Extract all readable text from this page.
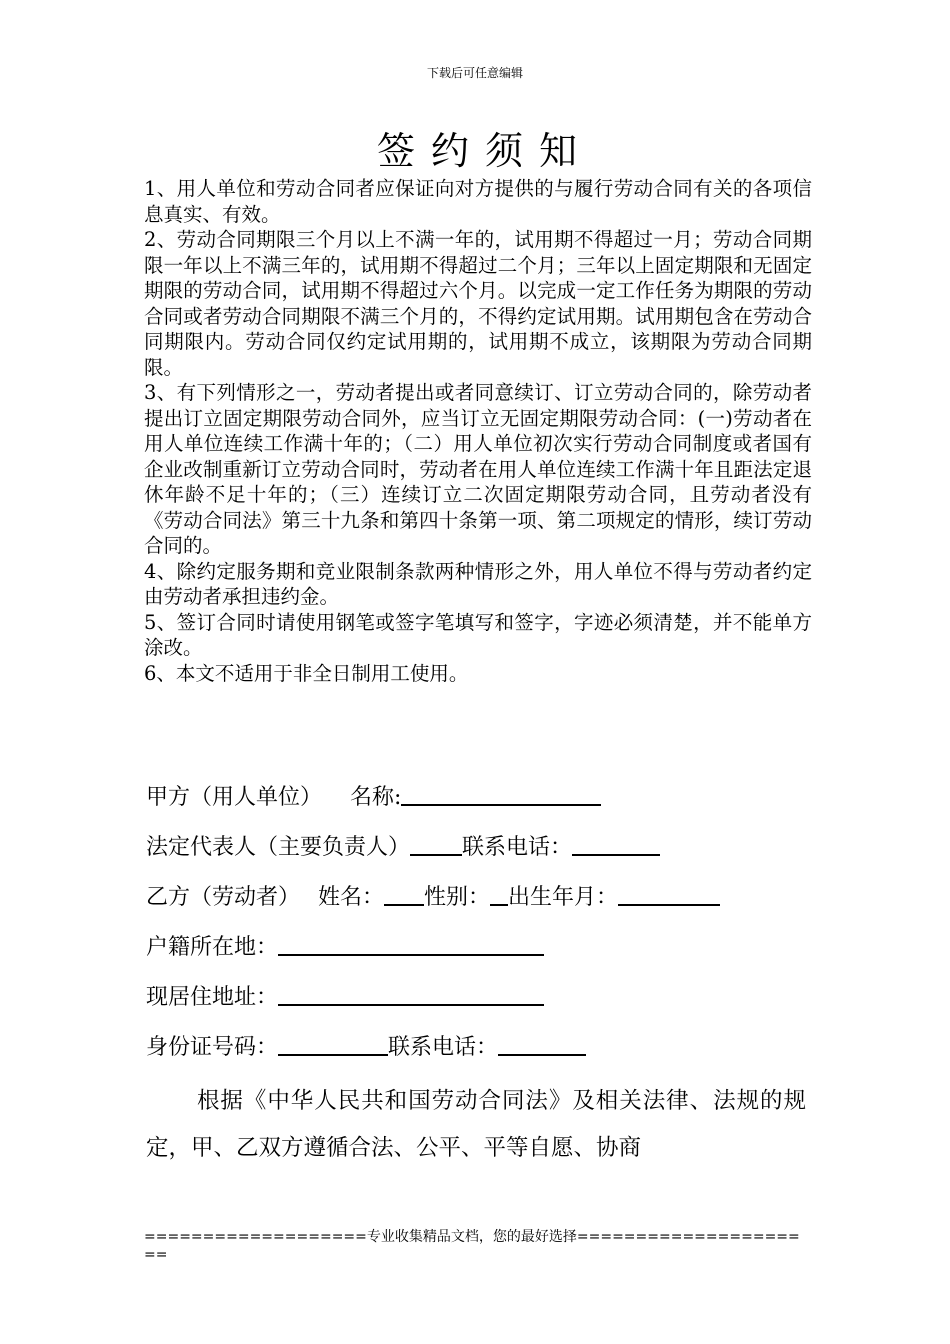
下载后可任意编辑
签约须知

1、用人单位和劳动合同者应保证向对方提供的与履行劳动合同有关的各项信息真实、有效。

2、劳动合同期限三个月以上不满一年的，试用期不得超过一月；劳动合同期限一年以上不满三年的，试用期不得超过二个月；三年以上固定期限和无固定期限的劳动合同，试用期不得超过六个月。以完成一定工作任务为期限的劳动合同或者劳动合同期限不满三个月的，不得约定试用期。试用期包含在劳动合同期限内。劳动合同仅约定试用期的，试用期不成立，该期限为劳动合同期限。

3、有下列情形之一，劳动者提出或者同意续订、订立劳动合同的，除劳动者提出订立固定期限劳动合同外，应当订立无固定期限劳动合同：(一)劳动者在用人单位连续工作满十年的；（二）用人单位初次实行劳动合同制度或者国有企业改制重新订立劳动合同时，劳动者在用人单位连续工作满十年且距法定退休年龄不足十年的；（三）连续订立二次固定期限劳动合同，且劳动者没有《劳动合同法》第三十九条和第四十条第一项、第二项规定的情形，续订劳动合同的。

4、除约定服务期和竞业限制条款两种情形之外，用人单位不得与劳动者约定由劳动者承担违约金。

5、签订合同时请使用钢笔或签字笔填写和签字，字迹必须清楚，并不能单方涂改。

6、本文不适用于非全日制用工使用。

甲方（用人单位） 名称:
法定代表人（主要负责人） 联系电话：
乙方（劳动者） 姓名： 性别： 出生年月：
户籍所在地：
现居住地址：
身份证号码：	联系电话：
根据《中华人民共和国劳动合同法》及相关法律、法规的规定，甲、乙双方遵循合法、公平、平等自愿、协商
===================专业收集精品文档，您的最好选择=====================
